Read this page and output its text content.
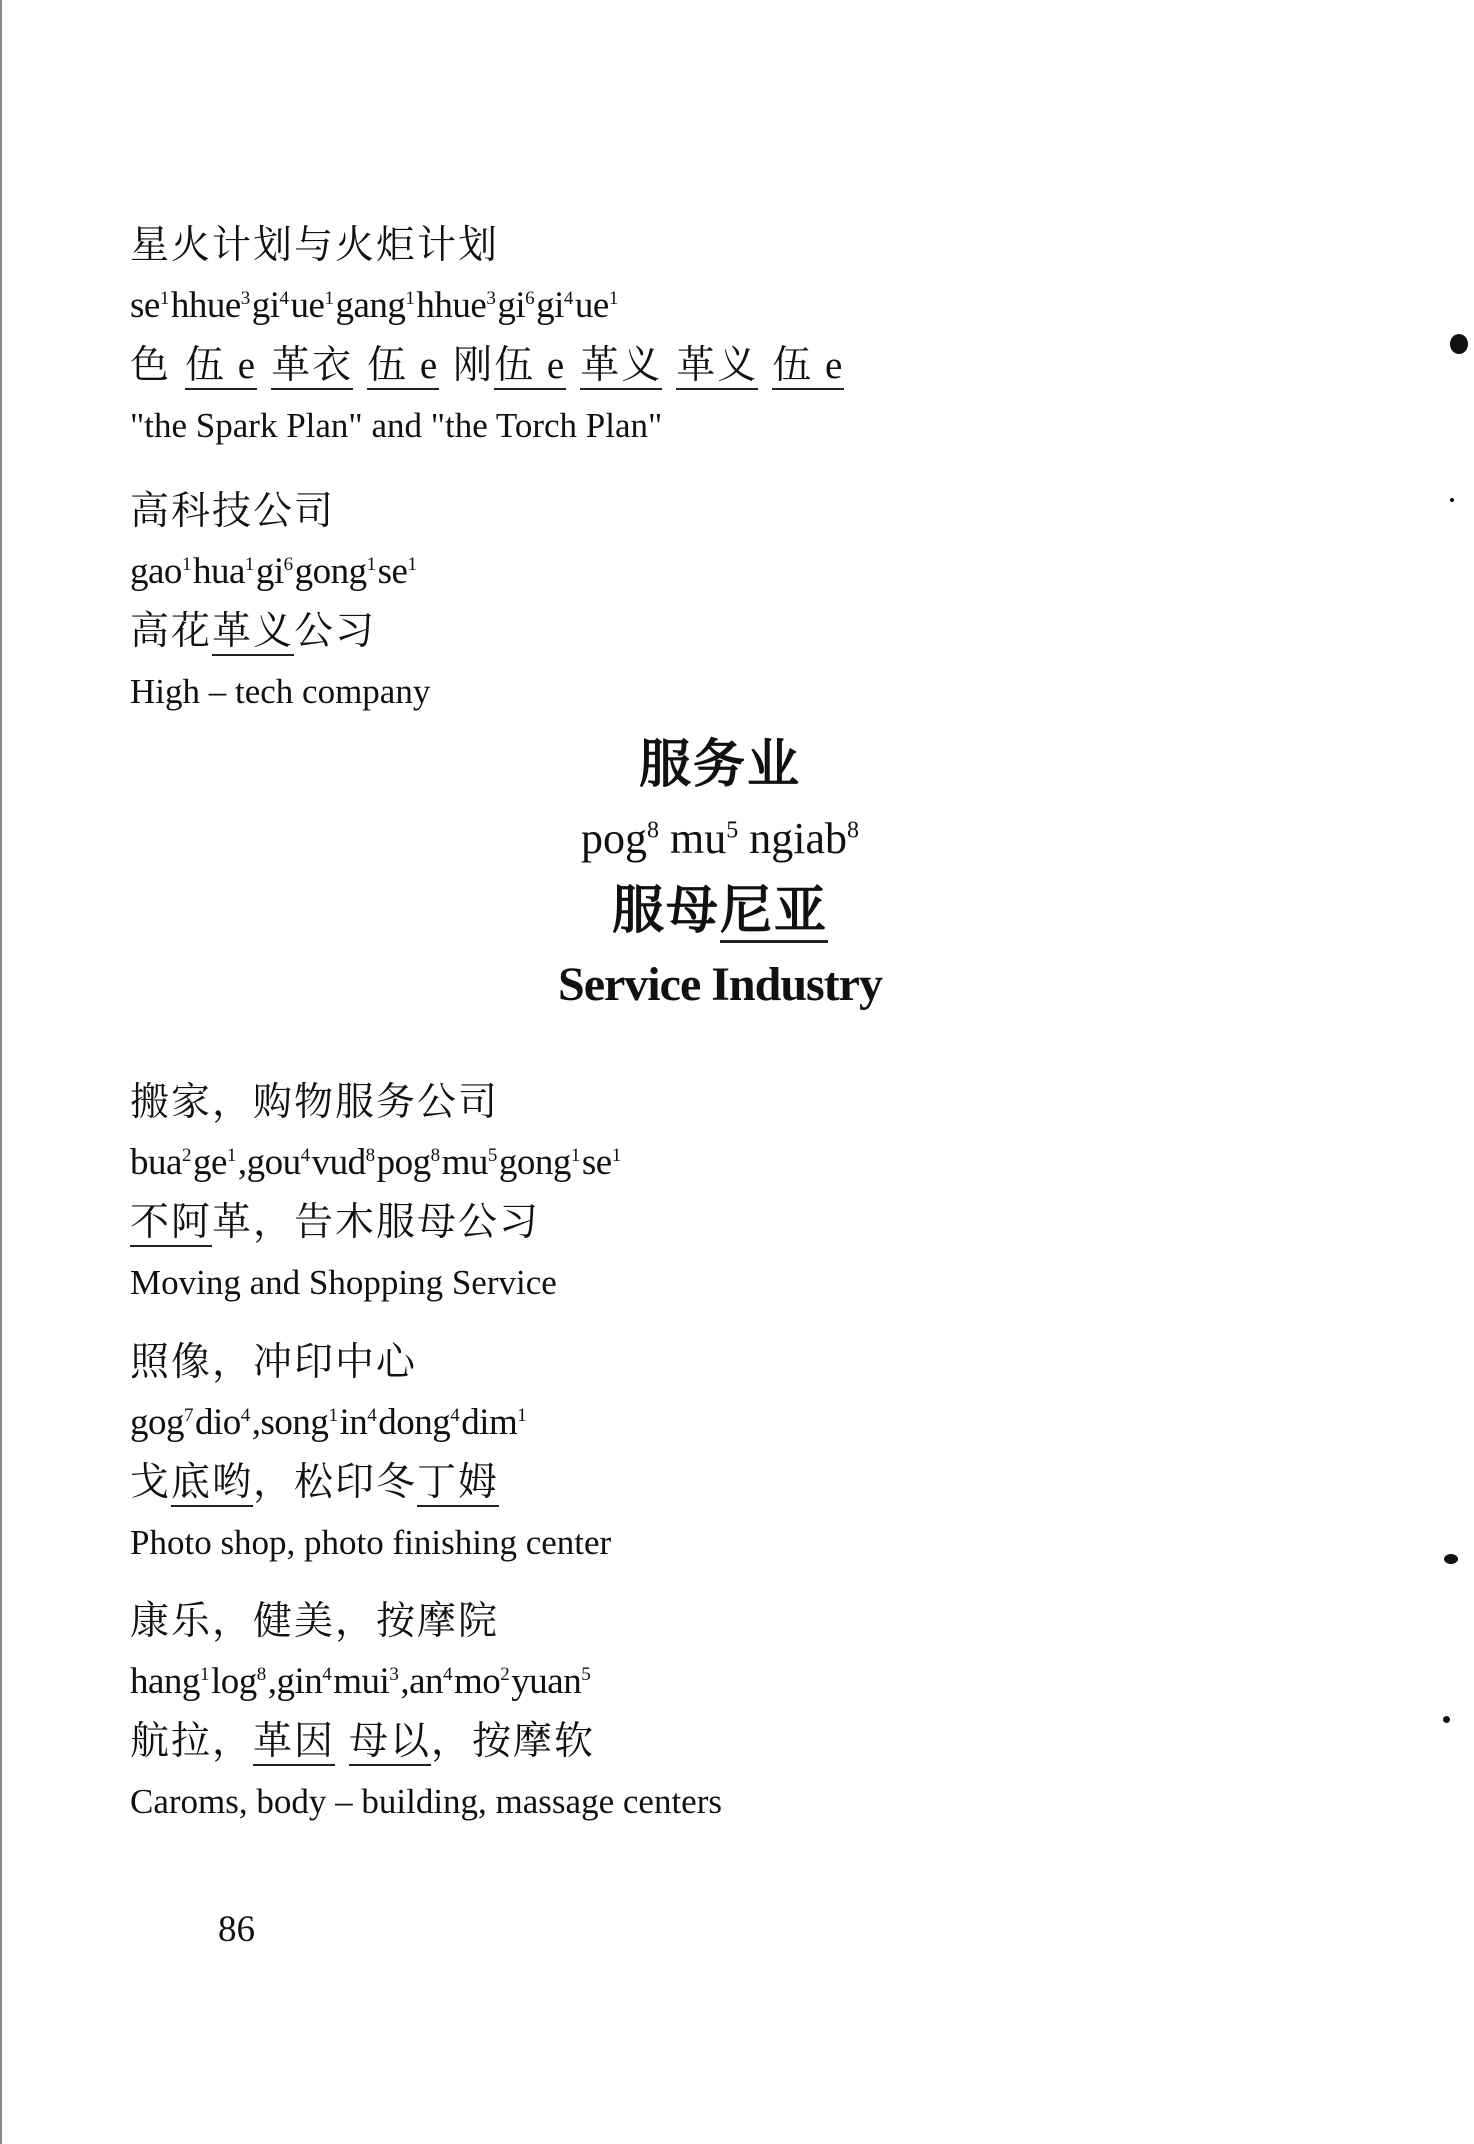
星火计划与火炬计划
$se^1hhue^3gi^4ue^1gang^1hhue^3gi^6gi^4ue^1$
色 伍 e 革衣 伍 e 刚伍 e 革义 革义 伍 e
"the Spark Plan" and "the Torch Plan"
高科技公司
$gao^1hua^1gi^6gong^1se^1$
高花革义公习
High – tech company
服务业
pog$^8$ $mu^5$ ngiab$^8$
服母尼亚
Service Industry
搬家，购物服务公司
$bua^2ge^1,gou^4vud^8pog^8mu^5gong^1se^1$
不阿革，告木服母公习
Moving and Shopping Service
照像，冲印中心
$gog^7dio^4,song^1in^4dong^4dim^1$
戈底哟，松印冬丁姆
Photo shop, photo finishing center
康乐，健美，按摩院
$hang^1\log^8,gin^4mui^3,an^4mo^2yuan^5$
航拉，革因 母以，按摩软
Caroms, body – building, massage centers
86
